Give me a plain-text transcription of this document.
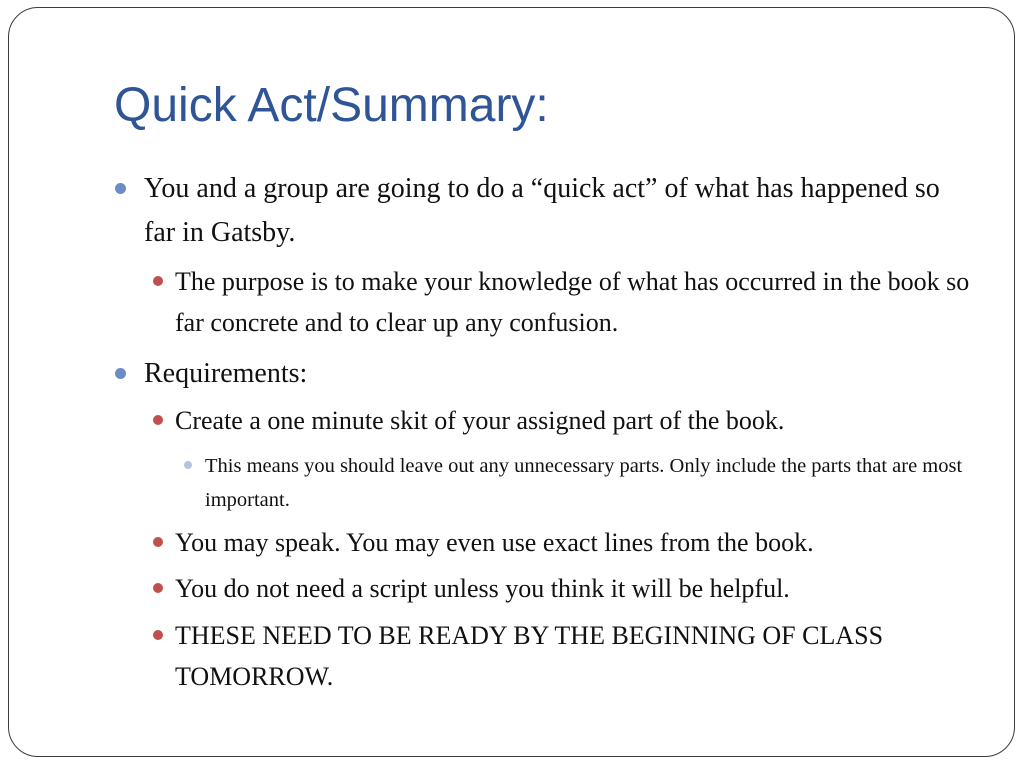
Quick Act/Summary:
You and a group are going to do a “quick act” of what has happened so far in Gatsby.
The purpose is to make your knowledge of what has occurred in the book so far concrete and to clear up any confusion.
Requirements:
Create a one minute skit of your assigned part of the book.
This means you should leave out any unnecessary parts. Only include the parts that are most important.
You may speak. You may even use exact lines from the book.
You do not need a script unless you think it will be helpful.
THESE NEED TO BE READY BY THE BEGINNING OF CLASS TOMORROW.
